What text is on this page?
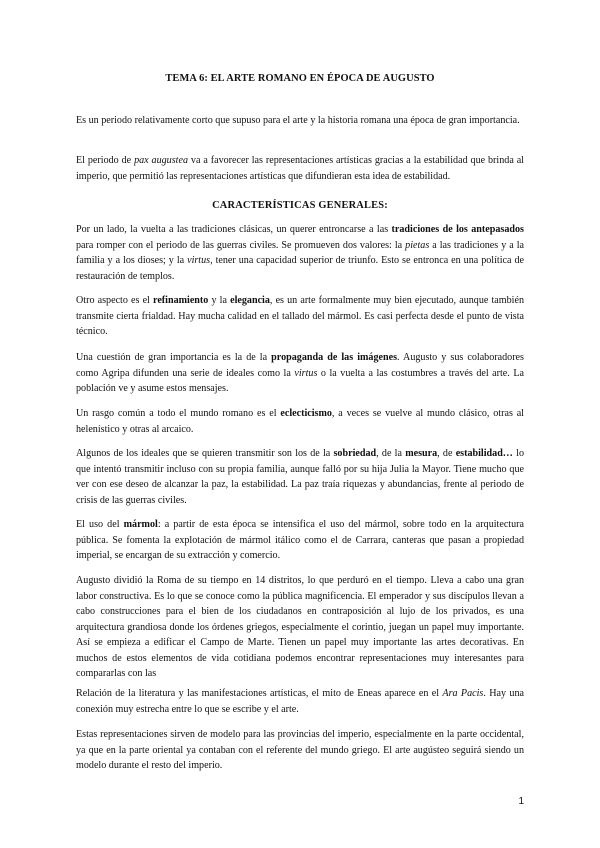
TEMA 6: EL ARTE ROMANO EN ÉPOCA DE AUGUSTO

Es un periodo relativamente corto que supuso para el arte y la historia romana una época de gran importancia.

El periodo de pax augustea va a favorecer las representaciones artísticas gracias a la estabilidad que brinda al imperio, que permitió las representaciones artísticas que difundieran esta idea de estabilidad.

CARACTERÍSTICAS GENERALES:

Por un lado, la vuelta a las tradiciones clásicas, un querer entroncarse a las tradiciones de los antepasados para romper con el periodo de las guerras civiles. Se promueven dos valores: la pietas a las tradiciones y a la familia y a los dioses; y la virtus, tener una capacidad superior de triunfo. Esto se entronca en una política de restauración de templos.

Otro aspecto es el refinamiento y la elegancia, es un arte formalmente muy bien ejecutado, aunque también transmite cierta frialdad. Hay mucha calidad en el tallado del mármol. Es casi perfecta desde el punto de vista técnico.

Una cuestión de gran importancia es la de la propaganda de las imágenes. Augusto y sus colaboradores como Agripa difunden una serie de ideales como la virtus o la vuelta a las costumbres a través del arte. La población ve y asume estos mensajes.

Un rasgo común a todo el mundo romano es el eclecticismo, a veces se vuelve al mundo clásico, otras al helenístico y otras al arcaico.

Algunos de los ideales que se quieren transmitir son los de la sobriedad, de la mesura, de estabilidad… lo que intentó transmitir incluso con su propia familia, aunque falló por su hija Julia la Mayor. Tiene mucho que ver con ese deseo de alcanzar la paz, la estabilidad. La paz traía riquezas y abundancias, frente al periodo de crisis de las guerras civiles.

El uso del mármol: a partir de esta época se intensifica el uso del mármol, sobre todo en la arquitectura pública. Se fomenta la explotación de mármol itálico como el de Carrara, canteras que pasan a propiedad imperial, se encargan de su extracción y comercio.

Augusto dividió la Roma de su tiempo en 14 distritos, lo que perduró en el tiempo. Lleva a cabo una gran labor constructiva. Es lo que se conoce como la pública magnificencia. El emperador y sus discípulos llevan a cabo construcciones para el bien de los ciudadanos en contraposición al lujo de los privados, es una arquitectura grandiosa donde los órdenes griegos, especialmente el corintio, juegan un papel muy importante. Así se empieza a edificar el Campo de Marte. Tienen un papel muy importante las artes decorativas. En muchos de estos elementos de vida cotidiana podemos encontrar representaciones muy interesantes para compararlas con las

Relación de la literatura y las manifestaciones artísticas, el mito de Eneas aparece en el Ara Pacis. Hay una conexión muy estrecha entre lo que se escribe y el arte.

Estas representaciones sirven de modelo para las provincias del imperio, especialmente en la parte occidental, ya que en la parte oriental ya contaban con el referente del mundo griego. El arte augústeo seguirá siendo un modelo durante el resto del imperio.

1
